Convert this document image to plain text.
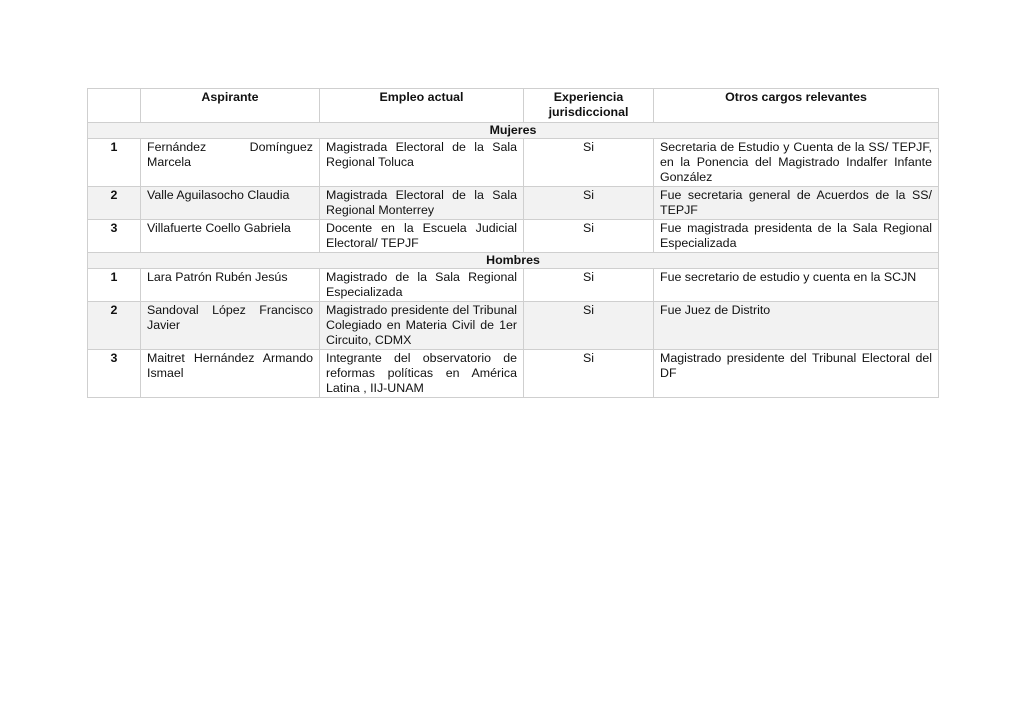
	Aspirante	Empleo actual	Experiencia jurisdiccional	Otros cargos relevantes
Mujeres				
1	Fernández Domínguez Marcela	Magistrada Electoral de la Sala Regional Toluca	Si	Secretaria de Estudio y Cuenta de la SS/ TEPJF, en la Ponencia del Magistrado Indalfer Infante González
2	Valle Aguilasocho Claudia	Magistrada Electoral de la Sala Regional Monterrey	Si	Fue secretaria general de Acuerdos de la SS/ TEPJF
3	Villafuerte Coello Gabriela	Docente en la Escuela Judicial Electoral/ TEPJF	Si	Fue magistrada presidenta de la Sala Regional Especializada
Hombres				
1	Lara Patrón Rubén Jesús	Magistrado de la Sala Regional Especializada	Si	Fue secretario de estudio y cuenta en la SCJN
2	Sandoval López Francisco Javier	Magistrado presidente del Tribunal Colegiado en Materia Civil de 1er Circuito, CDMX	Si	Fue Juez de Distrito
3	Maitret Hernández Armando Ismael	Integrante del observatorio de reformas políticas en América Latina , IIJ-UNAM	Si	Magistrado presidente del Tribunal Electoral del DF
